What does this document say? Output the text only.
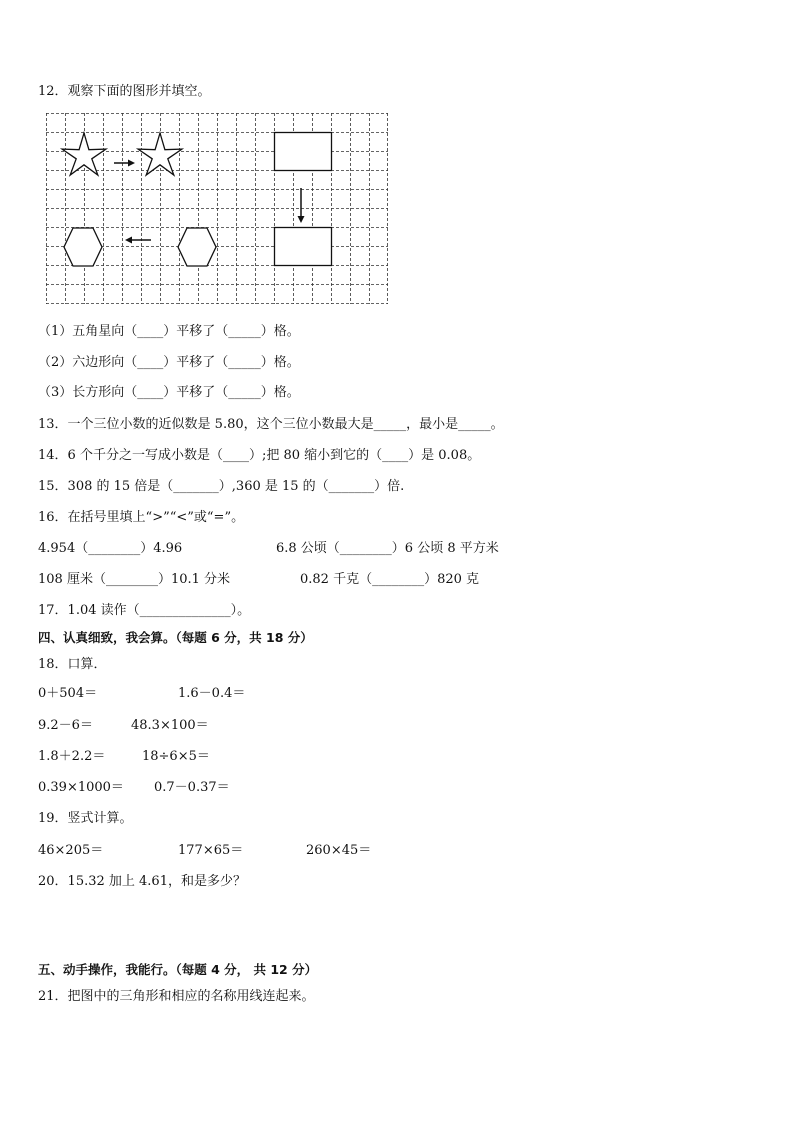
12．观察下面的图形并填空。
（1）五角星向（____）平移了（_____）格。
（2）六边形向（____）平移了（_____）格。
（3）长方形向（____）平移了（_____）格。
13．一个三位小数的近似数是 5.80，这个三位小数最大是_____，最小是_____。
14．6 个千分之一写成小数是（____）;把 80 缩小到它的（____）是 0.08。
15．308 的 15 倍是（_______）,360 是 15 的（_______）倍.
16．在括号里填上“>”“<”或“=”。
4.954（________）4.96	6.8 公顷（________）6 公顷 8 平方米
108 厘米（________）10.1 分米	0.82 千克（________）820 克
17．1.04 读作（______________）。
四、认真细致，我会算。（每题 6 分，共 18 分）
18．口算．
0＋504＝	1.6－0.4＝
9.2－6＝	48.3×100＝
1.8＋2.2＝	18÷6×5＝
0.39×1000＝ 0.7－0.37＝
19．竖式计算。
46×205＝	177×65＝	260×45＝
20．15.32 加上 4.61，和是多少？
五、动手操作，我能行。（每题 4 分， 共 12 分）
21．把图中的三角形和相应的名称用线连起来。
